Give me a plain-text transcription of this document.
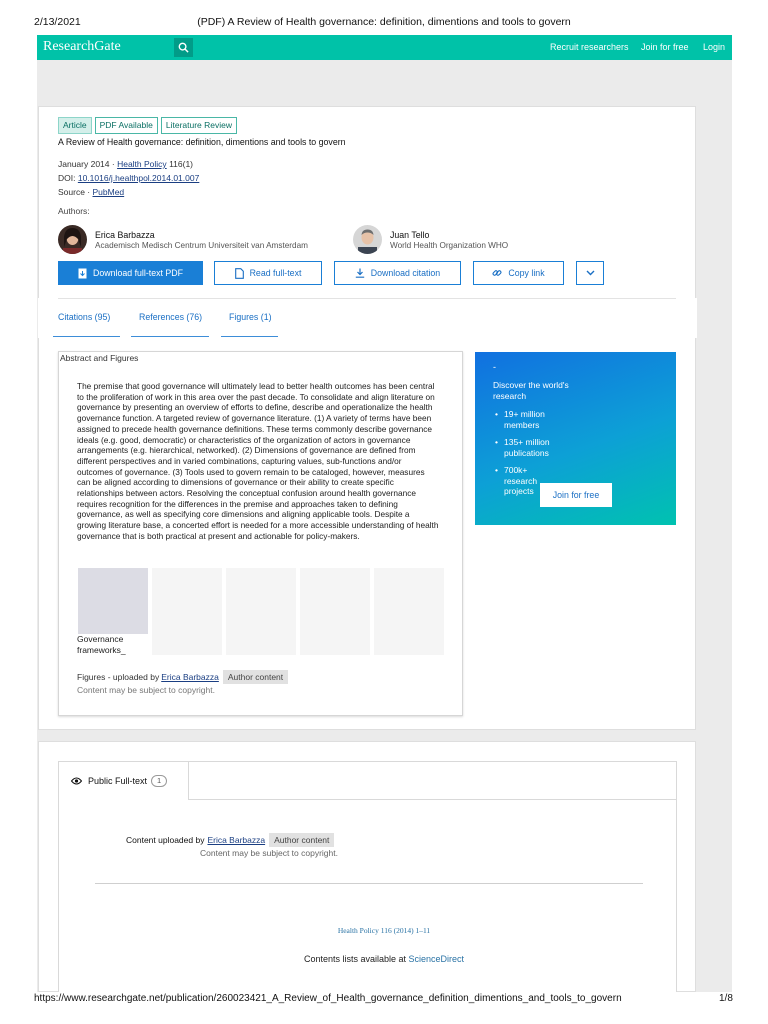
2/13/2021	(PDF) A Review of Health governance: definition, dimentions and tools to govern
ResearchGate	Recruit researchers Join for free Login
Article	PDF Available	Literature Review
A Review of Health governance: definition, dimentions and tools to govern
January 2014 · Health Policy 116(1)
DOI: 10.1016/j.healthpol.2014.01.007
Source · PubMed
Authors:
Erica Barbazza
Academisch Medisch Centrum Universiteit van Amsterdam
Juan Tello
World Health Organization WHO
Download full-text PDF	Read full-text	Download citation	Copy link
Citations (95)	References (76)	Figures (1)
Abstract and Figures
The premise that good governance will ultimately lead to better health outcomes has been central to the proliferation of work in this area over the past decade. To consolidate and align literature on governance by presenting an overview of efforts to define, describe and operationalize the health governance function. A targeted review of governance literature. (1) A variety of terms have been assigned to precede health governance definitions. These terms commonly describe governance ideals (e.g. good, democratic) or characteristics of the organization of actors in governance arrangements (e.g. hierarchical, networked). (2) Dimensions of governance are defined from different perspectives and in varied combinations, capturing values, sub-functions and/or outcomes of governance. (3) Tools used to govern remain to be cataloged, however, measures can be aligned according to dimensions of governance or their ability to create specific relationships between actors. Resolving the conceptual confusion around health governance requires recognition for the differences in the premise and approaches taken to defining governance, as well as specifying core dimensions and aligning applicable tools. Despite a growing literature base, a concerted effort is needed for a more accessible understanding of health governance that is both practical at present and actionable for policy-makers.
Governance
frameworks_
Figures - uploaded by Erica Barbazza	Author content
Content may be subject to copyright.
-
Discover the world's research
• 19+ million members
• 135+ million publications
• 700k+ research projects	Join for free
Public Full-text	1
Content uploaded by Erica Barbazza	Author content
Content may be subject to copyright.
Health Policy 116 (2014) 1–11
Contents lists available at ScienceDirect
https://www.researchgate.net/publication/260023421_A_Review_of_Health_governance_definition_dimentions_and_tools_to_govern	1/8
